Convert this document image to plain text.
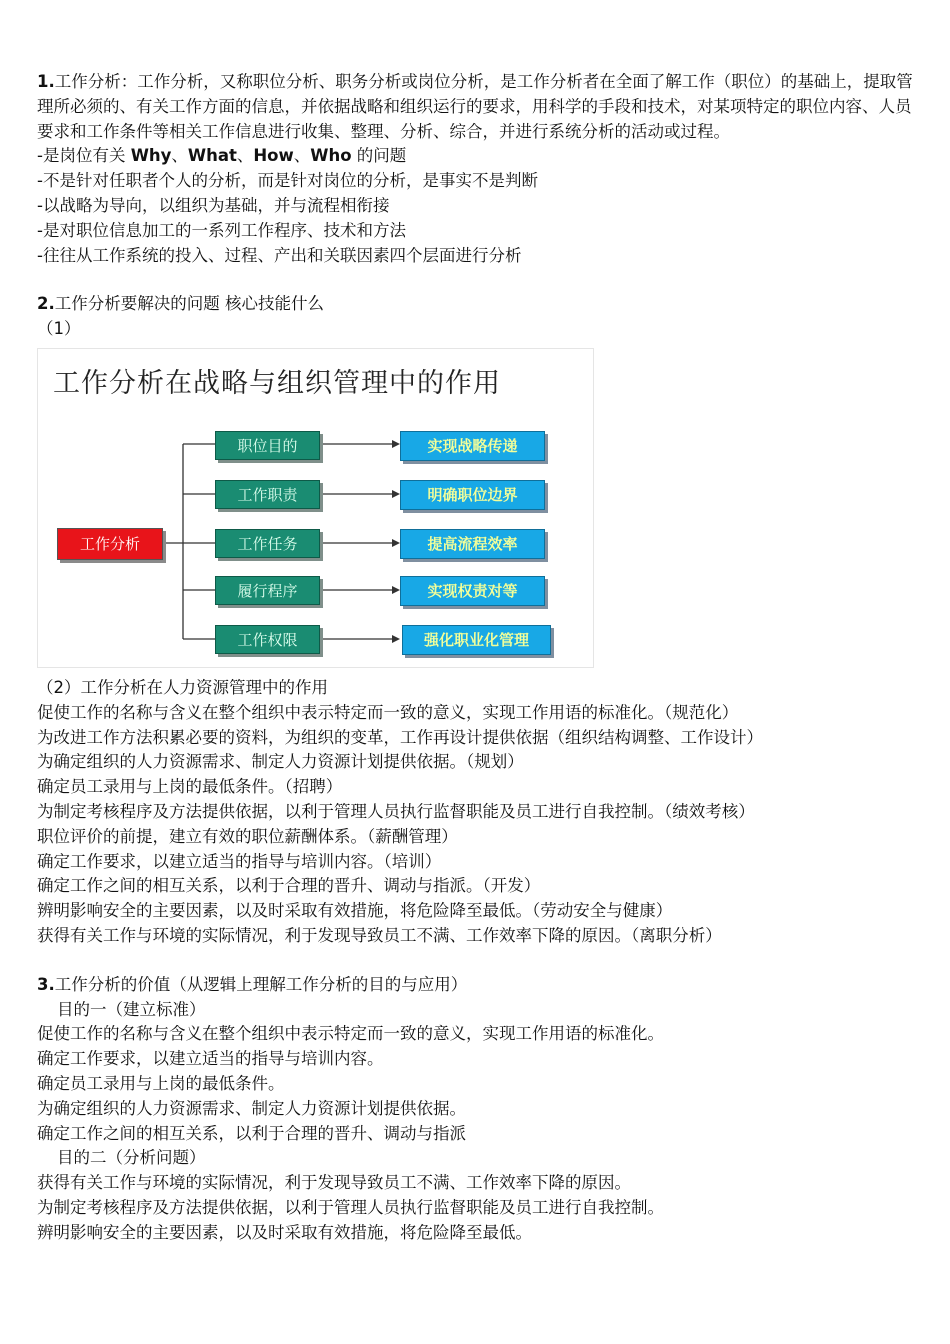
1.工作分析：工作分析，又称职位分析、职务分析或岗位分析，是工作分析者在全面了解工作（职位）的基础上，提取管理所必须的、有关工作方面的信息，并依据战略和组织运行的要求，用科学的手段和技术，对某项特定的职位内容、人员要求和工作条件等相关工作信息进行收集、整理、分析、综合，并进行系统分析的活动或过程。

-是岗位有关 Why、What、How、Who 的问题

-不是针对任职者个人的分析，而是针对岗位的分析，是事实不是判断

-以战略为导向，以组织为基础，并与流程相衔接

-是对职位信息加工的一系列工作程序、技术和方法

-往往从工作系统的投入、过程、产出和关联因素四个层面进行分析

2.工作分析要解决的问题 核心技能什么

（1）

工作分析在战略与组织管理中的作用
工作分析
职位目的
工作职责
工作任务
履行程序
工作权限
实现战略传递
明确职位边界
提高流程效率
实现权责对等
强化职业化管理

（2）工作分析在人力资源管理中的作用

促使工作的名称与含义在整个组织中表示特定而一致的意义，实现工作用语的标准化。（规范化）

为改进工作方法积累必要的资料，为组织的变革，工作再设计提供依据（组织结构调整、工作设计）

为确定组织的人力资源需求、制定人力资源计划提供依据。（规划）

确定员工录用与上岗的最低条件。（招聘）

为制定考核程序及方法提供依据，以利于管理人员执行监督职能及员工进行自我控制。（绩效考核）

职位评价的前提，建立有效的职位薪酬体系。（薪酬管理）

确定工作要求，以建立适当的指导与培训内容。（培训）

确定工作之间的相互关系，以利于合理的晋升、调动与指派。（开发）

辨明影响安全的主要因素，以及时采取有效措施，将危险降至最低。（劳动安全与健康）

获得有关工作与环境的实际情况，利于发现导致员工不满、工作效率下降的原因。（离职分析）

3.工作分析的价值（从逻辑上理解工作分析的目的与应用）

目的一（建立标准）

促使工作的名称与含义在整个组织中表示特定而一致的意义，实现工作用语的标准化。

确定工作要求，以建立适当的指导与培训内容。

确定员工录用与上岗的最低条件。

为确定组织的人力资源需求、制定人力资源计划提供依据。

确定工作之间的相互关系，以利于合理的晋升、调动与指派

目的二（分析问题）

获得有关工作与环境的实际情况，利于发现导致员工不满、工作效率下降的原因。

为制定考核程序及方法提供依据，以利于管理人员执行监督职能及员工进行自我控制。

辨明影响安全的主要因素，以及时采取有效措施，将危险降至最低。
